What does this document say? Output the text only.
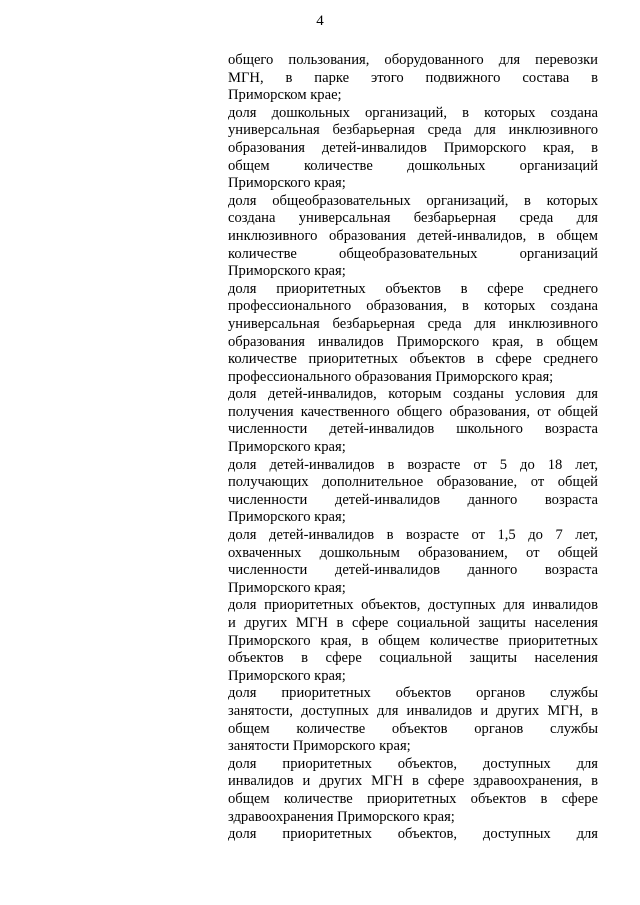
4
общего пользования, оборудованного для перевозки
МГН, в парке этого подвижного состава в
Приморском крае;
доля дошкольных организаций, в которых создана
универсальная безбарьерная среда для инклюзивного
образования детей-инвалидов Приморского края, в
общем количестве дошкольных организаций
Приморского края;
доля общеобразовательных организаций, в которых
создана универсальная безбарьерная среда для
инклюзивного образования детей-инвалидов, в общем
количестве общеобразовательных организаций
Приморского края;
доля приоритетных объектов в сфере среднего
профессионального образования, в которых создана
универсальная безбарьерная среда для инклюзивного
образования инвалидов Приморского края, в общем
количестве приоритетных объектов в сфере среднего
профессионального образования Приморского края;
доля детей-инвалидов, которым созданы условия для
получения качественного общего образования, от общей
численности детей-инвалидов школьного возраста
Приморского края;
доля детей-инвалидов в возрасте от 5 до 18 лет,
получающих дополнительное образование, от общей
численности детей-инвалидов данного возраста
Приморского края;
доля детей-инвалидов в возрасте от 1,5 до 7 лет,
охваченных дошкольным образованием, от общей
численности детей-инвалидов данного возраста
Приморского края;
доля приоритетных объектов, доступных для инвалидов
и других МГН в сфере социальной защиты населения
Приморского края, в общем количестве приоритетных
объектов в сфере социальной защиты населения
Приморского края;
доля приоритетных объектов органов службы
занятости, доступных для инвалидов и других МГН, в
общем количестве объектов органов службы
занятости Приморского края;
доля приоритетных объектов, доступных для
инвалидов и других МГН в сфере здравоохранения, в
общем количестве приоритетных объектов в сфере
здравоохранения Приморского края;
доля приоритетных объектов, доступных для
